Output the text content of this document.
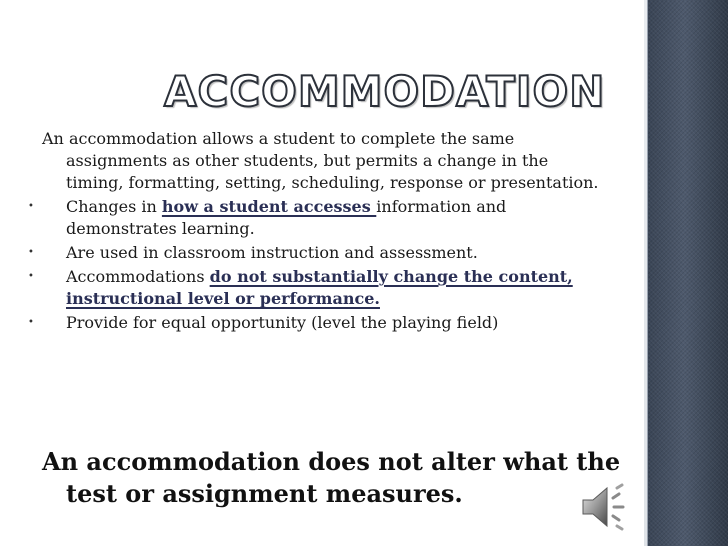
ACCOMMODATION

An accommodation allows a student to complete the same assignments as other students, but permits a change in the timing, formatting, setting, scheduling, response or presentation.

• Changes in how a student accesses information and demonstrates learning.
• Are used in classroom instruction and assessment.
• Accommodations do not substantially change the content, instructional level or performance.
• Provide for equal opportunity (level the playing field)
An accommodation does not alter what the test or assignment measures.
